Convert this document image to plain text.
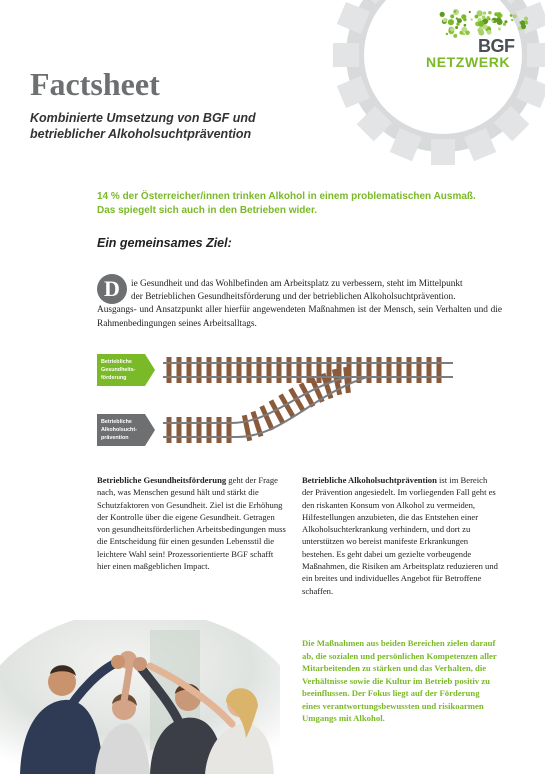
BGF
NETZWERK
Factsheet
Kombinierte Umsetzung von BGF und betrieblicher Alkoholsuchtprävention
14 % der Österreicher/innen trinken Alkohol in einem problematischen Ausmaß.
Das spiegelt sich auch in den Betrieben wider.
Ein gemeinsames Ziel:
D	ie Gesundheit und das Wohlbefinden am Arbeitsplatz zu verbessern, steht im Mittelpunkt
der Betrieblichen Gesundheitsförderung und der betrieblichen Alkoholsuchtprävention.
Ausgangs- und Ansatzpunkt aller hierfür angewendeten Maßnahmen ist der Mensch, sein Verhalten und die Rahmenbedingungen seines Arbeitsalltags.
Betriebliche
Gesundheits-
förderung
Betriebliche
Alkoholsucht-
prävention
Betriebliche Gesundheitsförderung geht der Frage nach, was Menschen gesund hält und stärkt die Schutzfaktoren von Gesundheit. Ziel ist die Erhöhung der Kontrolle über die eigene Gesundheit. Getragen von gesundheitsförderlichen Arbeitsbedingungen muss die Entscheidung für einen gesunden Lebensstil die leichtere Wahl sein! Prozessorientierte BGF schafft hier einen maßgeblichen Impact.
Betriebliche Alkoholsuchtprävention ist im Bereich der Prävention angesiedelt. Im vorliegenden Fall geht es den riskanten Konsum von Alkohol zu vermeiden, Hilfestellungen anzubieten, die das Entstehen einer Alkoholsuchterkrankung verhindern, und dort zu unterstützen wo bereist manifeste Erkrankungen bestehen. Es geht dabei um gezielte vorbeugende Maßnahmen, die Risiken am Arbeitsplatz reduzieren und ein breites und individuelles Angebot für Betroffene schaffen.
Die Maßnahmen aus beiden Bereichen zielen darauf ab, die sozialen und persönlichen Kompetenzen aller Mitarbeitenden zu stärken und das Verhalten, die Verhältnisse sowie die Kultur im Betrieb positiv zu beeinflussen. Der Fokus liegt auf der Förderung eines verantwortungsbewussten und risikoarmen Umgangs mit Alkohol.
